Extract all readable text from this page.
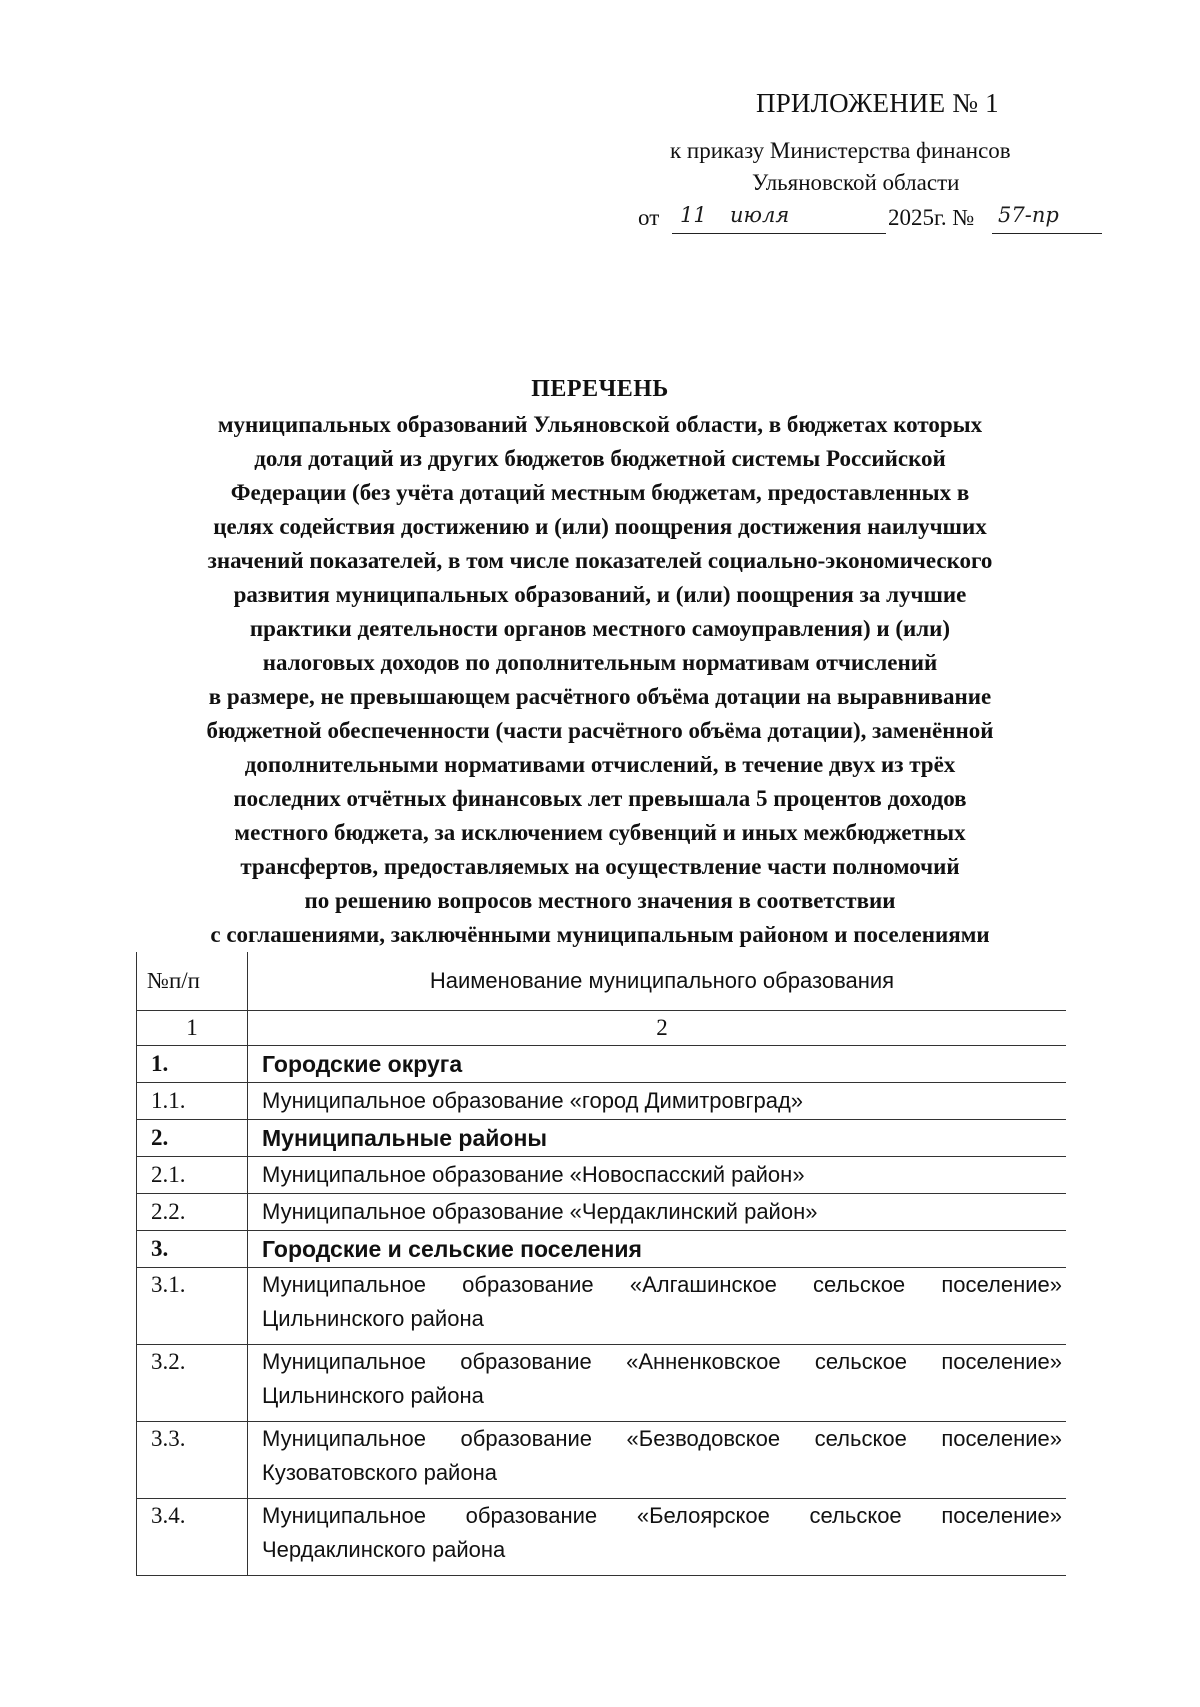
ПРИЛОЖЕНИЕ № 1
к приказу Министерства финансов
Ульяновской области
от 11 июля	2025г. № 57-пр
ПЕРЕЧЕНЬ
муниципальных образований Ульяновской области, в бюджетах которых
доля дотаций из других бюджетов бюджетной системы Российской
Федерации (без учёта дотаций местным бюджетам, предоставленных в
целях содействия достижению и (или) поощрения достижения наилучших
значений показателей, в том числе показателей социально-экономического
развития муниципальных образований, и (или) поощрения за лучшие
практики деятельности органов местного самоуправления) и (или)
налоговых доходов по дополнительным нормативам отчислений
в размере, не превышающем расчётного объёма дотации на выравнивание
бюджетной обеспеченности (части расчётного объёма дотации), заменённой
дополнительными нормативами отчислений, в течение двух из трёх
последних отчётных финансовых лет превышала 5 процентов доходов
местного бюджета, за исключением субвенций и иных межбюджетных
трансфертов, предоставляемых на осуществление части полномочий
по решению вопросов местного значения в соответствии
с соглашениями, заключёнными муниципальным районом и поселениями
№п/п	Наименование муниципального образования
1	2
1.	Городские округа
1.1.	Муниципальное образование «город Димитровград»
2.	Муниципальные районы
2.1.	Муниципальное образование «Новоспасский район»
2.2.	Муниципальное образование «Чердаклинский район»
3.	Городские и сельские поселения
3.1.	Муниципальное образование «Алгашинское сельское поселение»
Цильнинского района
3.2.	Муниципальное образование «Анненковское сельское поселение»
Цильнинского района
3.3.	Муниципальное образование «Безводовское сельское поселение»
Кузоватовского района
3.4.	Муниципальное образование «Белоярское сельское поселение»
Чердаклинского района
